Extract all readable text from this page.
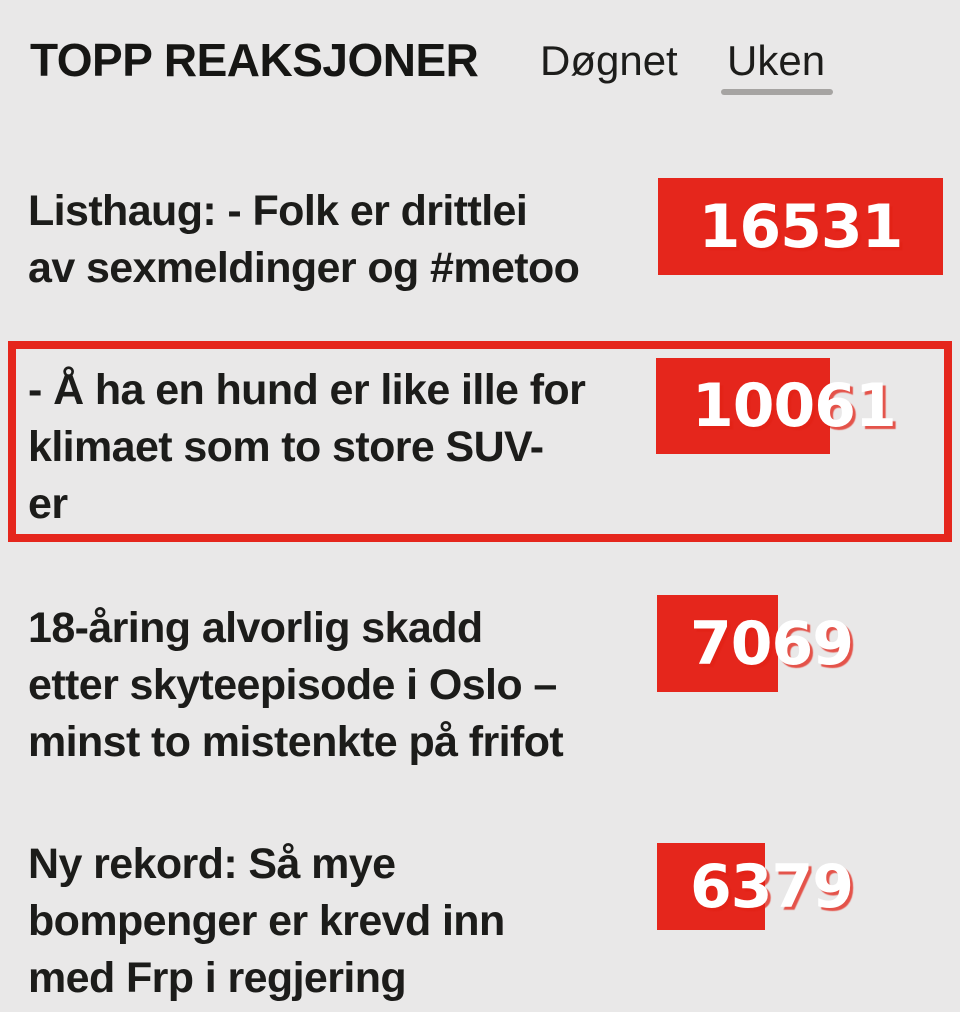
TOPP REAKSJONER Døgnet Uken
Listhaug: - Folk er drittlei
av sexmeldinger og #metoo
16531
- Å ha en hund er like ille for
klimaet som to store SUV-
er
10061
18-åring alvorlig skadd
etter skyteepisode i Oslo –
minst to mistenkte på frifot
7069
Ny rekord: Så mye
bompenger er krevd inn
med Frp i regjering
6379
